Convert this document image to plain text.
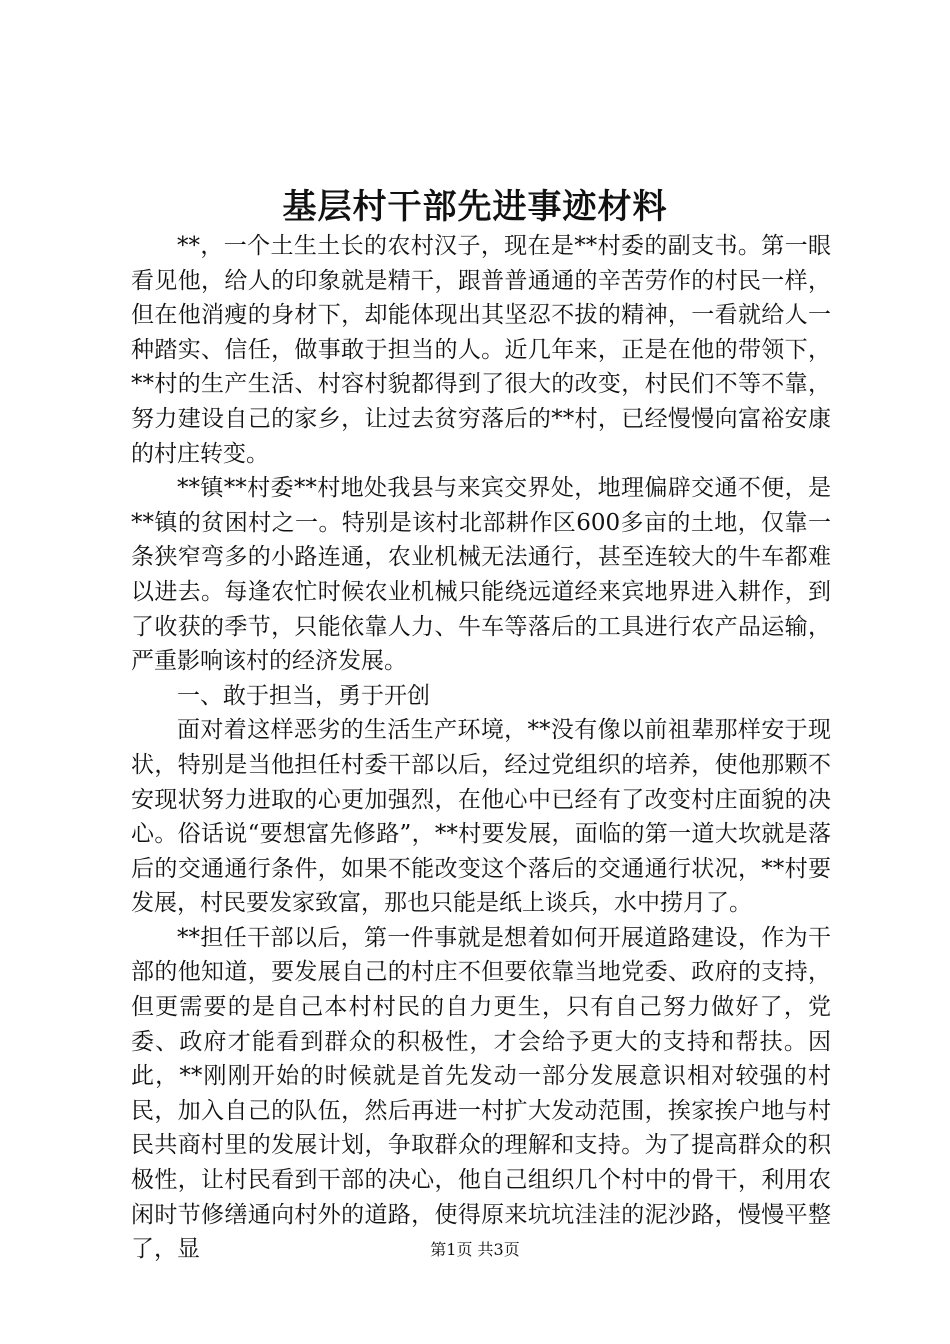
基层村干部先进事迹材料

**，一个土生土长的农村汉子，现在是**村委的副支书。第一眼看见他，给人的印象就是精干，跟普普通通的辛苦劳作的村民一样，但在他消瘦的身材下，却能体现出其坚忍不拔的精神，一看就给人一种踏实、信任，做事敢于担当的人。近几年来，正是在他的带领下，**村的生产生活、村容村貌都得到了很大的改变，村民们不等不靠，努力建设自己的家乡，让过去贫穷落后的**村，已经慢慢向富裕安康的村庄转变。

**镇**村委**村地处我县与来宾交界处，地理偏辟交通不便，是**镇的贫困村之一。特别是该村北部耕作区600多亩的土地，仅靠一条狭窄弯多的小路连通，农业机械无法通行，甚至连较大的牛车都难以进去。每逢农忙时候农业机械只能绕远道经来宾地界进入耕作，到了收获的季节，只能依靠人力、牛车等落后的工具进行农产品运输，严重影响该村的经济发展。

一、敢于担当，勇于开创

面对着这样恶劣的生活生产环境，**没有像以前祖辈那样安于现状，特别是当他担任村委干部以后，经过党组织的培养，使他那颗不安现状努力进取的心更加强烈，在他心中已经有了改变村庄面貌的决心。俗话说“要想富先修路”，**村要发展，面临的第一道大坎就是落后的交通通行条件，如果不能改变这个落后的交通通行状况，**村要发展，村民要发家致富，那也只能是纸上谈兵，水中捞月了。

**担任干部以后，第一件事就是想着如何开展道路建设，作为干部的他知道，要发展自己的村庄不但要依靠当地党委、政府的支持，但更需要的是自己本村村民的自力更生，只有自己努力做好了，党委、政府才能看到群众的积极性，才会给予更大的支持和帮扶。因此，**刚刚开始的时候就是首先发动一部分发展意识相对较强的村民，加入自己的队伍，然后再进一村扩大发动范围，挨家挨户地与村民共商村里的发展计划，争取群众的理解和支持。为了提高群众的积极性，让村民看到干部的决心，他自己组织几个村中的骨干，利用农闲时节修缮通向村外的道路，使得原来坑坑洼洼的泥沙路，慢慢平整了，显	第1页 共3页
